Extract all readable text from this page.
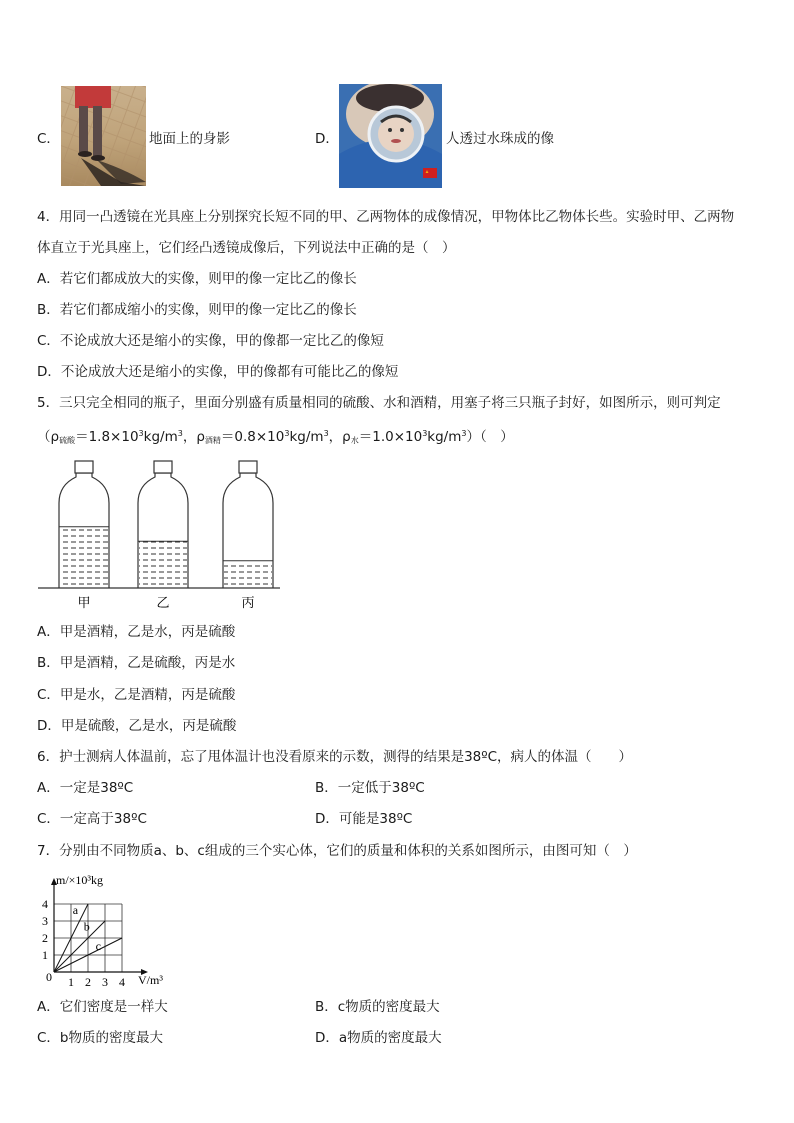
C．	地面上的身影	D．	人透过水珠成的像
4．用同一凸透镜在光具座上分别探究长短不同的甲、乙两物体的成像情况，甲物体比乙物体长些。实验时甲、乙两物
体直立于光具座上，它们经凸透镜成像后，下列说法中正确的是（　）
A．若它们都成放大的实像，则甲的像一定比乙的像长
B．若它们都成缩小的实像，则甲的像一定比乙的像长
C．不论成放大还是缩小的实像，甲的像都一定比乙的像短
D．不论成放大还是缩小的实像，甲的像都有可能比乙的像短
5．三只完全相同的瓶子，里面分别盛有质量相同的硫酸、水和酒精，用塞子将三只瓶子封好，如图所示，则可判定
（$\rho_{硫酸}=1.8\times 10^3kg/m^3$，$\rho_{酒精}=0.8\times 10^3kg/m^3$，$\rho_水=1.0\times 10^3kg/m^3$）（　）
甲	乙	丙
A．甲是酒精，乙是水，丙是硫酸
B．甲是酒精，乙是硫酸，丙是水
C．甲是水，乙是酒精，丙是硫酸
D．甲是硫酸，乙是水，丙是硫酸
6．护士测病人体温前，忘了甩体温计也没看原来的示数，测得的结果是38ºC，病人的体温（　　）
A．一定是38ºC	B．一定低于38ºC
C．一定高于38ºC	D．可能是38ºC
7．分别由不同物质a、b、c组成的三个实心体，它们的质量和体积的关系如图所示，由图可知（　）
a
b
c
1 2 3 4
1
2
3
4
m/×10³kg
V/m³
0
A．它们密度是一样大	B．c物质的密度最大
C．b物质的密度最大	D．a物质的密度最大
